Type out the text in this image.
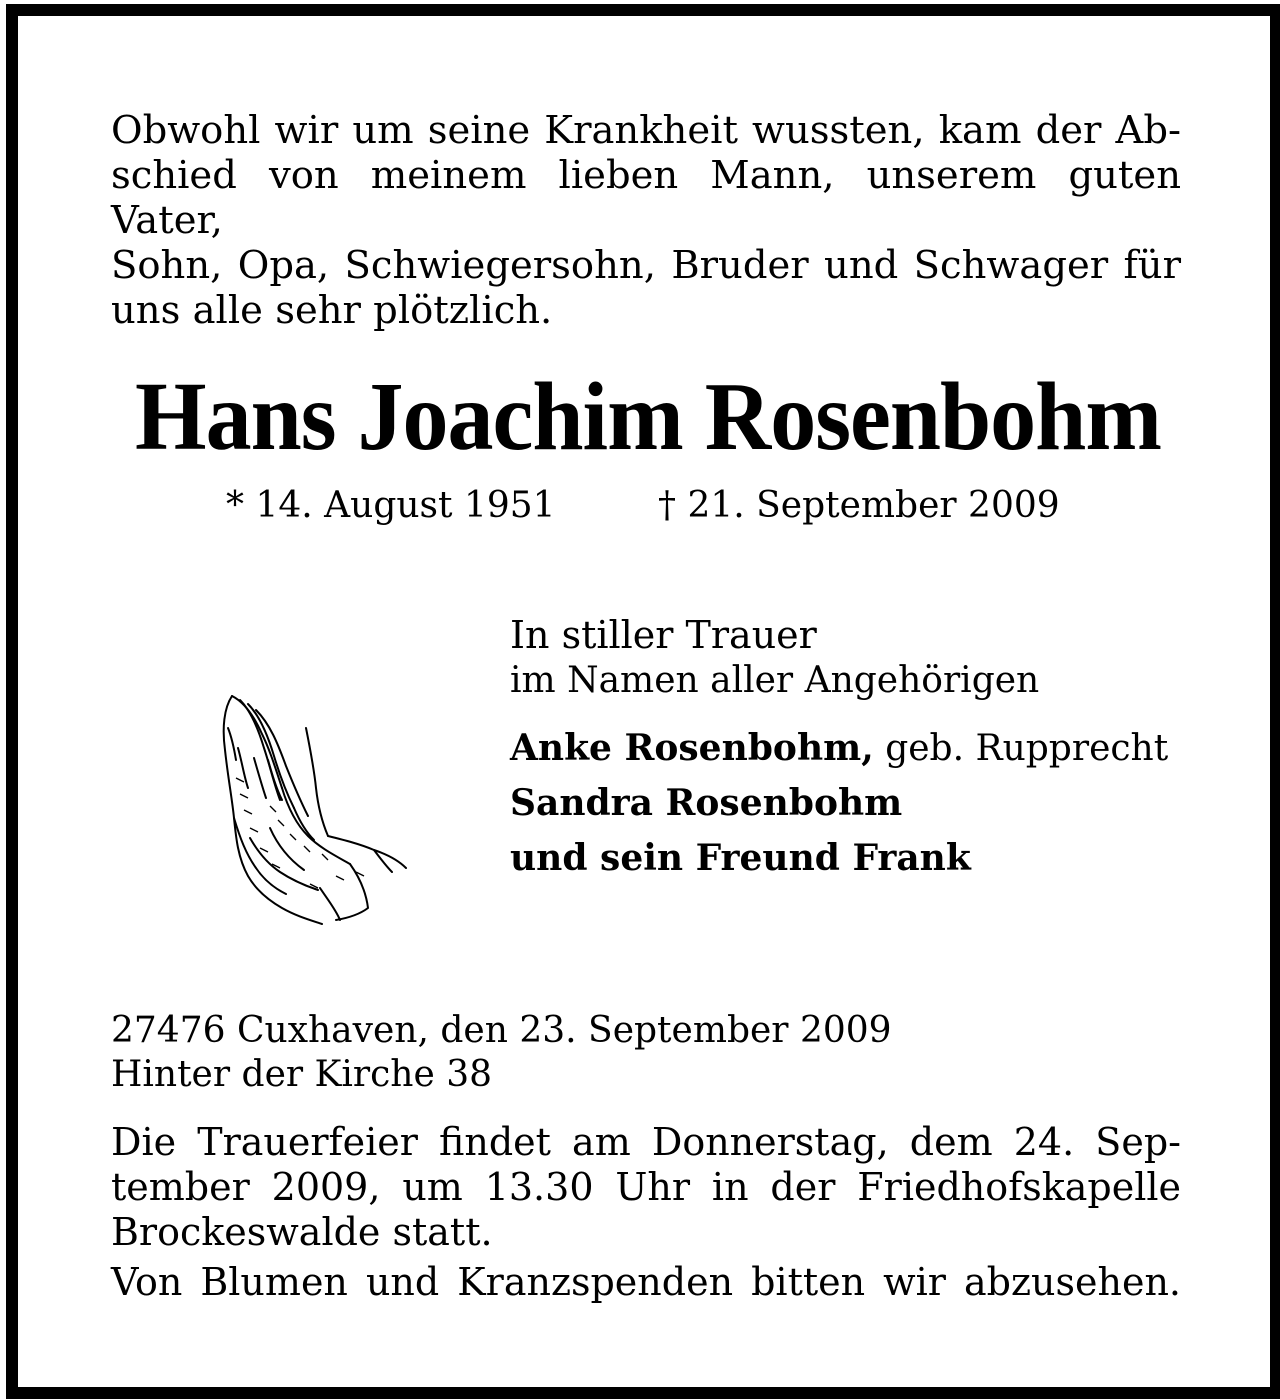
Obwohl wir um seine Krankheit wussten, kam der Ab-
schied von meinem lieben Mann, unserem guten Vater,
Sohn, Opa, Schwiegersohn, Bruder und Schwager für
uns alle sehr plötzlich.
Hans Joachim Rosenbohm
* 14. August 1951	† 21. September 2009
In stiller Trauer
im Namen aller Angehörigen
Anke Rosenbohm, geb. Rupprecht
Sandra Rosenbohm
und sein Freund Frank
27476 Cuxhaven, den 23. September 2009
Hinter der Kirche 38
Die Trauerfeier findet am Donnerstag, dem 24. Sep-
tember 2009, um 13.30 Uhr in der Friedhofskapelle
Brockeswalde statt.
Von Blumen und Kranzspenden bitten wir abzusehen.
